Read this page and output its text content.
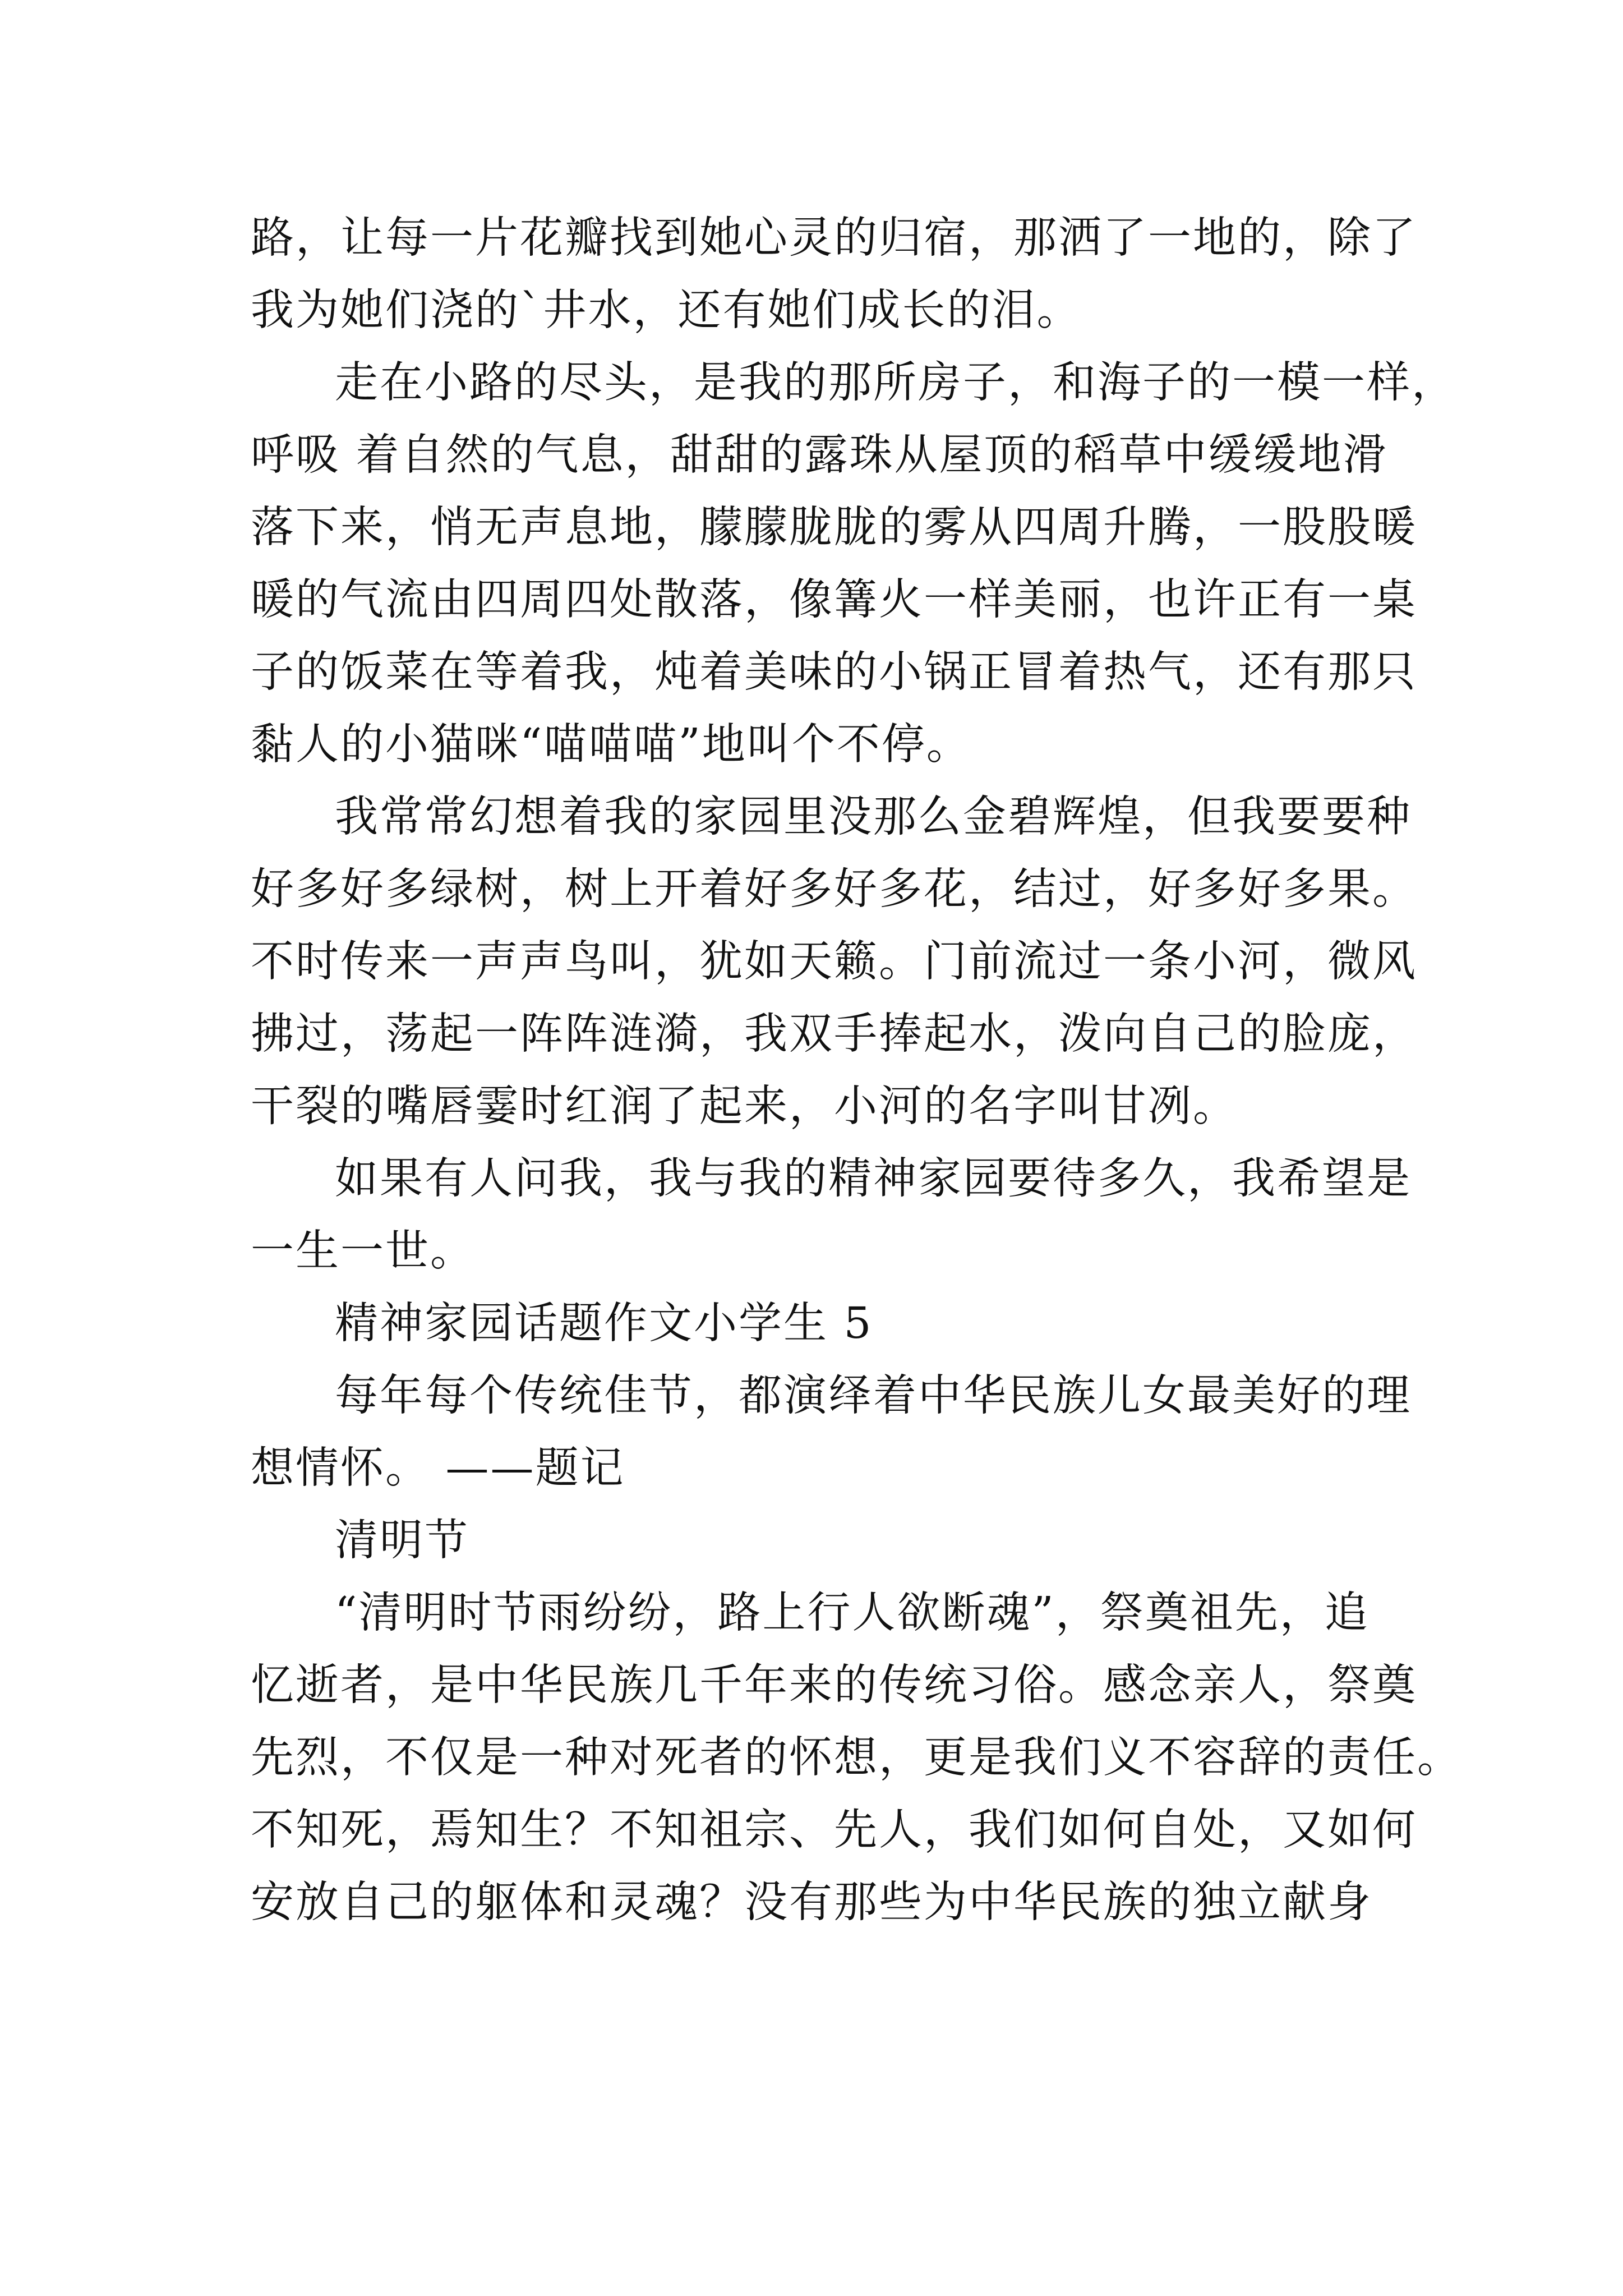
路，让每一片花瓣找到她心灵的归宿，那洒了一地的，除了
我为她们浇的`井水，还有她们成长的泪。
走在小路的尽头，是我的那所房子，和海子的一模一样，
呼吸 着自然的气息，甜甜的露珠从屋顶的稻草中缓缓地滑
落下来，悄无声息地，朦朦胧胧的雾从四周升腾，一股股暖
暖的气流由四周四处散落，像篝火一样美丽，也许正有一桌
子的饭菜在等着我，炖着美味的小锅正冒着热气，还有那只
黏人的小猫咪“喵喵喵”地叫个不停。
我常常幻想着我的家园里没那么金碧辉煌，但我要要种
好多好多绿树，树上开着好多好多花，结过，好多好多果。
不时传来一声声鸟叫，犹如天籁。门前流过一条小河，微风
拂过，荡起一阵阵涟漪，我双手捧起水，泼向自己的脸庞，
干裂的嘴唇霎时红润了起来，小河的名字叫甘冽。
如果有人问我，我与我的精神家园要待多久，我希望是
一生一世。
精神家园话题作文小学生 5
每年每个传统佳节，都演绎着中华民族儿女最美好的理
想情怀。 ——题记
清明节
“清明时节雨纷纷，路上行人欲断魂”，祭奠祖先，追
忆逝者，是中华民族几千年来的传统习俗。感念亲人，祭奠
先烈，不仅是一种对死者的怀想，更是我们义不容辞的责任。
不知死，焉知生？不知祖宗、先人，我们如何自处，又如何
安放自己的躯体和灵魂？没有那些为中华民族的独立献身
